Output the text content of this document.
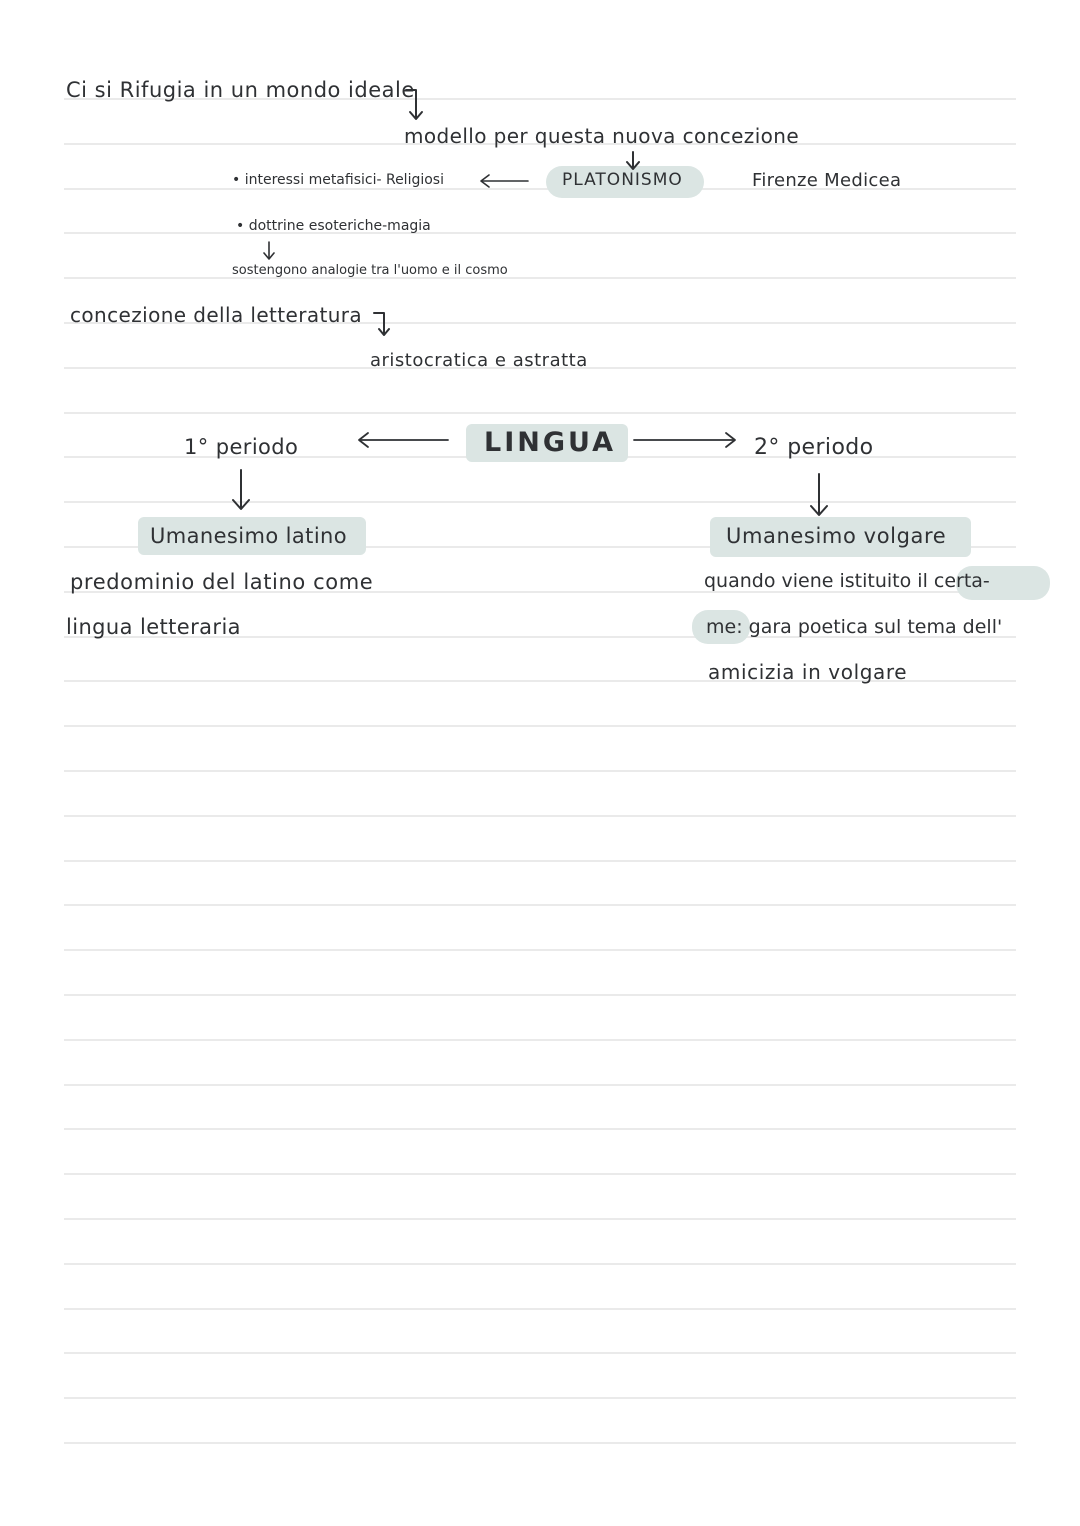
Ci si Rifugia in un mondo ideale
modello per questa nuova concezione
• interessi metafisici- Religiosi	PLATONISMO	Firenze Medicea
• dottrine esoteriche-magia
sostengono analogie tra l'uomo e il cosmo
concezione della letteratura
aristocratica e astratta
LINGUA
1° periodo	2° periodo
Umanesimo latino	Umanesimo volgare
predominio del latino come
lingua letteraria
quando viene istituito il certa-
me: gara poetica sul tema dell'
amicizia in volgare
